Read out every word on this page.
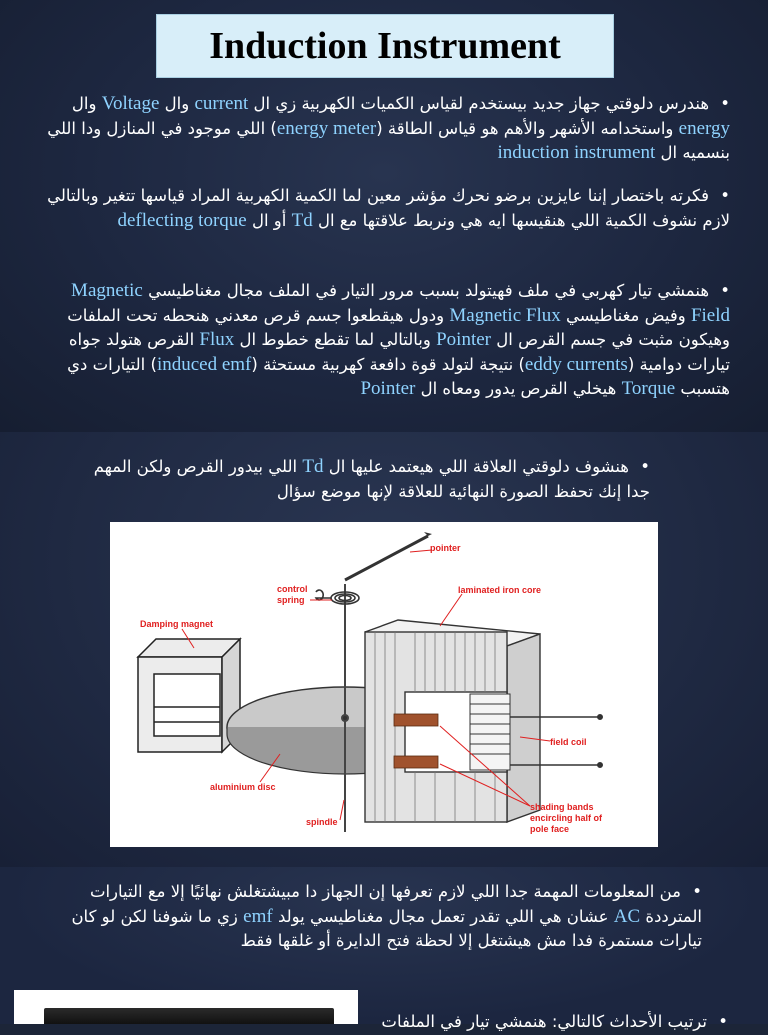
Induction Instrument
• هندرس دلوقتي جهاز جديد بيستخدم لقياس الكميات الكهربية زي ال current وال Voltage وال energy واستخدامه الأشهر والأهم هو قياس الطاقة (energy meter) اللي موجود في المنازل ودا اللي بنسميه ال induction instrument
• فكرته باختصار إننا عايزين برضو نحرك مؤشر معين لما الكمية الكهربية المراد قياسها تتغير وبالتالي لازم نشوف الكمية اللي هنقيسها ايه هي ونربط علاقتها مع ال Td أو ال deflecting torque
• هنمشي تيار كهربي في ملف فهيتولد بسبب مرور التيار في الملف مجال مغناطيسي Magnetic Field وفيض مغناطيسي Magnetic Flux ودول هيقطعوا جسم قرص معدني هنحطه تحت الملفات وهيكون مثبت في جسم القرص ال Pointer وبالتالي لما تقطع خطوط ال Flux القرص هتولد جواه تيارات دوامية (eddy currents) نتيجة لتولد قوة دافعة كهربية مستحثة (induced emf) التيارات دي هتسبب Torque هيخلي القرص يدور ومعاه ال Pointer
• هنشوف دلوقتي العلاقة اللي هيعتمد عليها ال Td اللي بيدور القرص ولكن المهم جدا إنك تحفظ الصورة النهائية للعلاقة لإنها موضع سؤال
pointer
control spring
laminated iron core
Damping magnet
field coil
aluminium disc
spindle
shading bands encircling half of pole face
• من المعلومات المهمة جدا اللي لازم تعرفها إن الجهاز دا مبيشتغلش نهائيًا إلا مع التيارات المترددة AC عشان هي اللي تقدر تعمل مجال مغناطيسي يولد emf زي ما شوفنا لكن لو كان تيارات مستمرة فدا مش هيشتغل إلا لحظة فتح الدايرة أو غلقها فقط
• ترتيب الأحداث كالتالي: هنمشي تيار في الملفات
